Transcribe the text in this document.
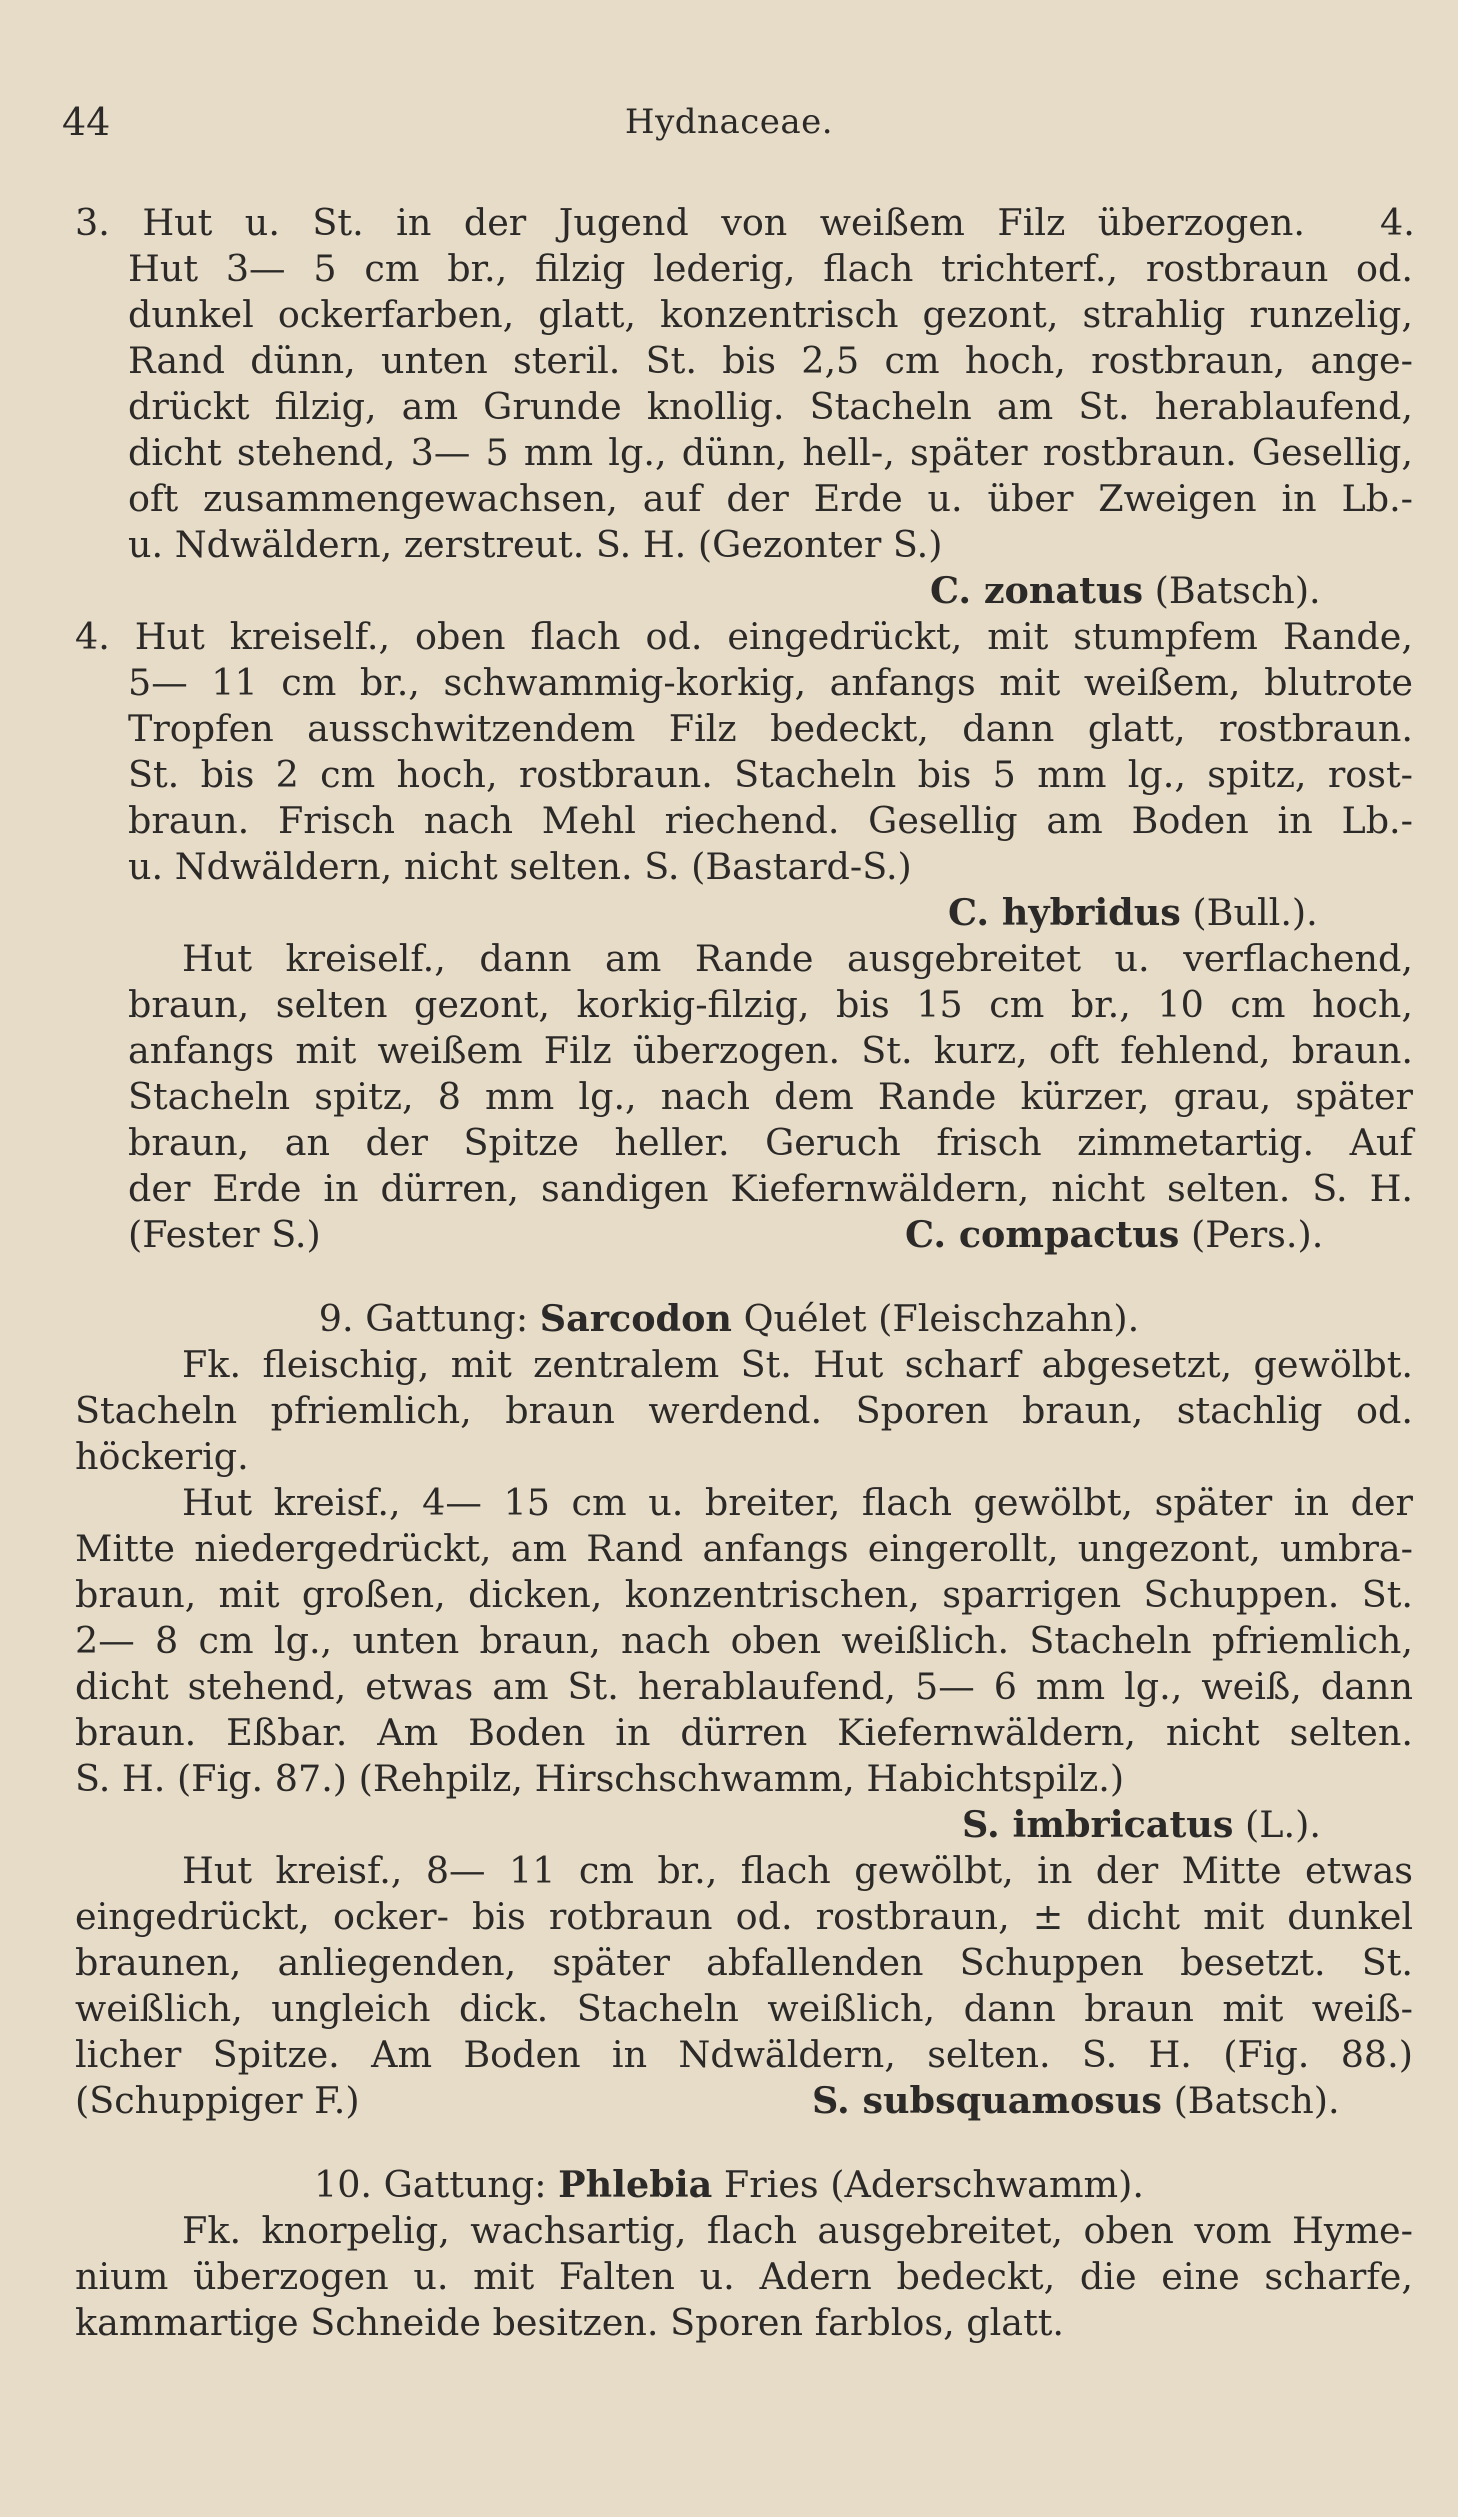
44	Hydnaceae.
3. Hut u. St. in der Jugend von weißem Filz überzogen. 4.
Hut 3— 5 cm br., filzig lederig, flach trichterf., rostbraun od.
dunkel ockerfarben, glatt, konzentrisch gezont, strahlig runzelig,
Rand dünn, unten steril. St. bis 2,5 cm hoch, rostbraun, ange-
drückt filzig, am Grunde knollig. Stacheln am St. herablaufend,
dicht stehend, 3— 5 mm lg., dünn, hell-, später rostbraun. Gesellig,
oft zusammengewachsen, auf der Erde u. über Zweigen in Lb.-
u. Ndwäldern, zerstreut. S. H. (Gezonter S.)
C. zonatus (Batsch).
4. Hut kreiself., oben flach od. eingedrückt, mit stumpfem Rande,
5— 11 cm br., schwammig-korkig, anfangs mit weißem, blutrote
Tropfen ausschwitzendem Filz bedeckt, dann glatt, rostbraun.
St. bis 2 cm hoch, rostbraun. Stacheln bis 5 mm lg., spitz, rost-
braun. Frisch nach Mehl riechend. Gesellig am Boden in Lb.-
u. Ndwäldern, nicht selten. S. (Bastard-S.)
C. hybridus (Bull.).
Hut kreiself., dann am Rande ausgebreitet u. verflachend,
braun, selten gezont, korkig-filzig, bis 15 cm br., 10 cm hoch,
anfangs mit weißem Filz überzogen. St. kurz, oft fehlend, braun.
Stacheln spitz, 8 mm lg., nach dem Rande kürzer, grau, später
braun, an der Spitze heller. Geruch frisch zimmetartig. Auf
der Erde in dürren, sandigen Kiefernwäldern, nicht selten. S. H.
(Fester S.)	C. compactus (Pers.).
9. Gattung: Sarcodon Quélet (Fleischzahn).
Fk. fleischig, mit zentralem St. Hut scharf abgesetzt, gewölbt.
Stacheln pfriemlich, braun werdend. Sporen braun, stachlig od.
höckerig.
Hut kreisf., 4— 15 cm u. breiter, flach gewölbt, später in der
Mitte niedergedrückt, am Rand anfangs eingerollt, ungezont, umbra-
braun, mit großen, dicken, konzentrischen, sparrigen Schuppen. St.
2— 8 cm lg., unten braun, nach oben weißlich. Stacheln pfriemlich,
dicht stehend, etwas am St. herablaufend, 5— 6 mm lg., weiß, dann
braun. Eßbar. Am Boden in dürren Kiefernwäldern, nicht selten.
S. H. (Fig. 87.) (Rehpilz, Hirschschwamm, Habichtspilz.)
S. imbricatus (L.).
Hut kreisf., 8— 11 cm br., flach gewölbt, in der Mitte etwas
eingedrückt, ocker- bis rotbraun od. rostbraun, ± dicht mit dunkel
braunen, anliegenden, später abfallenden Schuppen besetzt. St.
weißlich, ungleich dick. Stacheln weißlich, dann braun mit weiß-
licher Spitze. Am Boden in Ndwäldern, selten. S. H. (Fig. 88.)
(Schuppiger F.)	S. subsquamosus (Batsch).
10. Gattung: Phlebia Fries (Aderschwamm).
Fk. knorpelig, wachsartig, flach ausgebreitet, oben vom Hyme-
nium überzogen u. mit Falten u. Adern bedeckt, die eine scharfe,
kammartige Schneide besitzen. Sporen farblos, glatt.
